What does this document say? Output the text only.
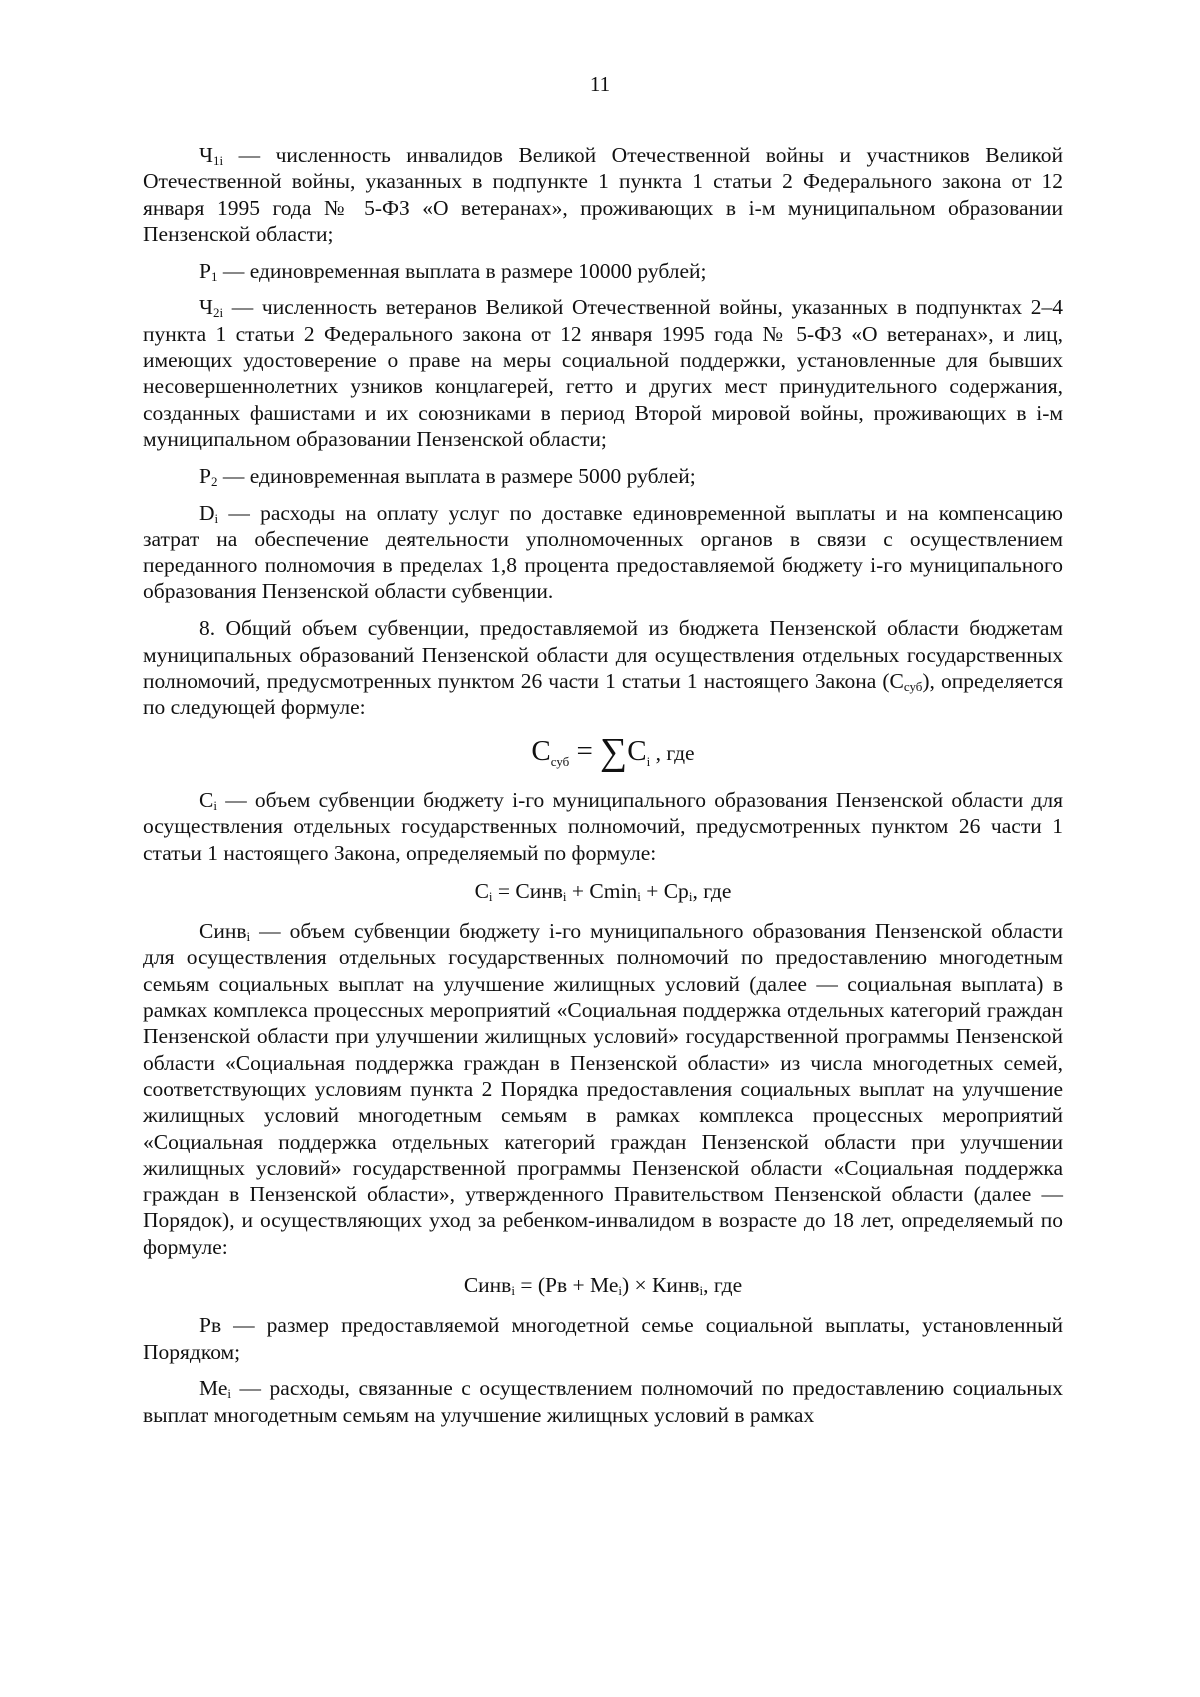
11

$Ч_{1i}$ — численность инвалидов Великой Отечественной войны и участников Великой Отечественной войны, указанных в подпункте 1 пункта 1 статьи 2 Федерального закона от 12 января 1995 года № 5-ФЗ «О ветеранах», проживающих в i-м муниципальном образовании Пензенской области;

$Р_1$ — единовременная выплата в размере 10000 рублей;

$Ч_{2i}$ — численность ветеранов Великой Отечественной войны, указанных в подпунктах 2–4 пункта 1 статьи 2 Федерального закона от 12 января 1995 года № 5-ФЗ «О ветеранах», и лиц, имеющих удостоверение о праве на меры социальной поддержки, установленные для бывших несовершеннолетних узников концлагерей, гетто и других мест принудительного содержания, созданных фашистами и их союзниками в период Второй мировой войны, проживающих в i-м муниципальном образовании Пензенской области;

$Р_2$ — единовременная выплата в размере 5000 рублей;

$D_i$ — расходы на оплату услуг по доставке единовременной выплаты и на компенсацию затрат на обеспечение деятельности уполномоченных органов в связи с осуществлением переданного полномочия в пределах 1,8 процента предоставляемой бюджету i-го муниципального образования Пензенской области субвенции.

8. Общий объем субвенции, предоставляемой из бюджета Пензенской области бюджетам муниципальных образований Пензенской области для осуществления отдельных государственных полномочий, предусмотренных пунктом 26 части 1 статьи 1 настоящего Закона $(С_{суб})$, определяется по следующей формуле:

$С_{суб} = \sum С_i$ , где

$С_i$ — объем субвенции бюджету i-го муниципального образования Пензенской области для осуществления отдельных государственных полномочий, предусмотренных пунктом 26 части 1 статьи 1 настоящего Закона, определяемый по формуле:

$С_i$ = Синв$_i$ + $С\min_i + Ср_i$, где

Синв$_i$ — объем субвенции бюджету i-го муниципального образования Пензенской области для осуществления отдельных государственных полномочий по предоставлению многодетным семьям социальных выплат на улучшение жилищных условий (далее — социальная выплата) в рамках комплекса процессных мероприятий «Социальная поддержка отдельных категорий граждан Пензенской области при улучшении жилищных условий» государственной программы Пензенской области «Социальная поддержка граждан в Пензенской области» из числа многодетных семей, соответствующих условиям пункта 2 Порядка предоставления социальных выплат на улучшение жилищных условий многодетным семьям в рамках комплекса процессных мероприятий «Социальная поддержка отдельных категорий граждан Пензенской области при улучшении жилищных условий» государственной программы Пензенской области «Социальная поддержка граждан в Пензенской области», утвержденного Правительством Пензенской области (далее — Порядок), и осуществляющих уход за ребенком-инвалидом в возрасте до 18 лет, определяемый по формуле:

Синв$_i$ = $(Рв + Ме_i)$ × Кинв$_i$, где

Рв — размер предоставляемой многодетной семье социальной выплаты, установленный Порядком;

$Ме_i$ — расходы, связанные с осуществлением полномочий по предоставлению социальных выплат многодетным семьям на улучшение жилищных условий в рамках
